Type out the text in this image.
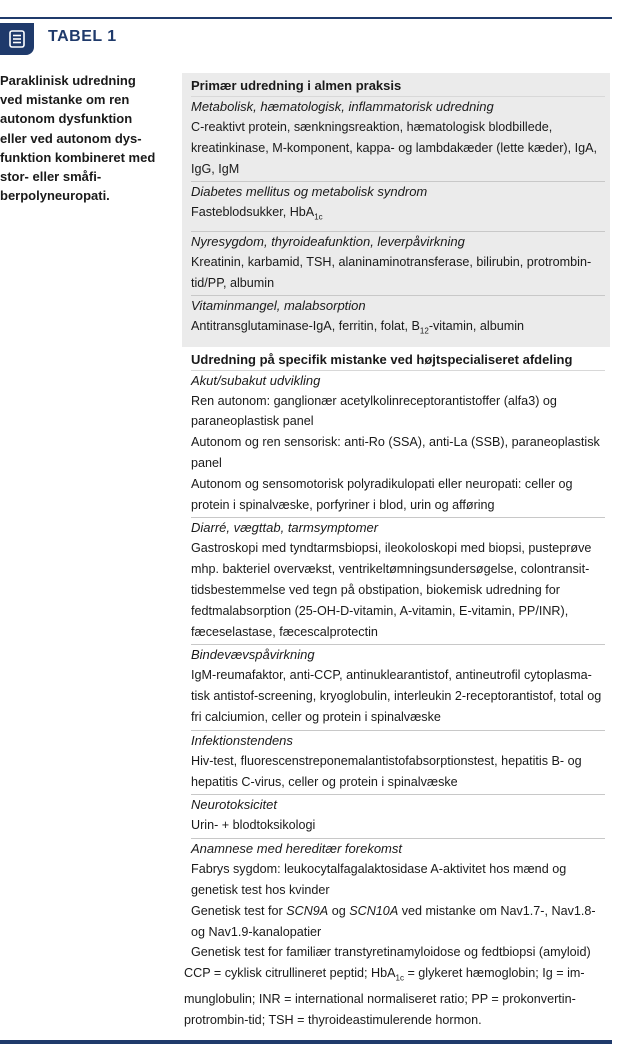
TABEL 1
Paraklinisk udredning ved mistanke om ren autonom dysfunktion eller ved autonom dysfunktion kombineret med stor- eller småfiberpolyneuropati.
Primær udredning i almen praksis
Metabolisk, hæmatologisk, inflammatorisk udredning
C-reaktivt protein, sænkningsreaktion, hæmatologisk blodbillede, kreatinkinase, M-komponent, kappa- og lambdakæder (lette kæder), IgA, IgG, IgM
Diabetes mellitus og metabolisk syndrom
Fasteblodsukker, HbA$_{1c}$
Nyresygdom, thyroideafunktion, leverpåvirkning
Kreatinin, karbamid, TSH, alaninaminotransferase, bilirubin, protrombintid/PP, albumin
Vitaminmangel, malabsorption
Antitransglutaminase-IgA, ferritin, folat, $B_{12}$-vitamin, albumin
Udredning på specifik mistanke ved højtspecialiseret afdeling
Akut/subakut udvikling
Ren autonom: ganglionær acetylkolinreceptorantistoffer (alfa3) og paraneoplastisk panel
Autonom og ren sensorisk: anti-Ro (SSA), anti-La (SSB), paraneoplastisk panel
Autonom og sensomotorisk polyradikulopati eller neuropati: celler og protein i spinalvæske, porfyriner i blod, urin og afføring
Diarré, vægttab, tarmsymptomer
Gastroskopi med tyndtarmsbiopsi, ileokoloskopi med biopsi, pusteprøve mhp. bakteriel overvækst, ventrikeltømningsundersøgelse, colontransittidsbestemmelse ved tegn på obstipation, biokemisk udredning for fedtmalabsorption (25-OH-D-vitamin, A-vitamin, E-vitamin, PP/INR), fæceselastase, fæcescalprotectin
Bindevævspåvirkning
IgM-reumafaktor, anti-CCP, antinuklearantistof, antineutrofil cytoplasmatisk antistof-screening, kryoglobulin, interleukin 2-receptorantistof, total og fri calciumion, celler og protein i spinalvæske
Infektionstendens
Hiv-test, fluorescenstreponemalantistofabsorptionstest, hepatitis B- og hepatitis C-virus, celler og protein i spinalvæske
Neurotoksicitet
Urin- + blodtoksikologi
Anamnese med hereditær forekomst
Fabrys sygdom: leukocytalfagalaktosidase A-aktivitet hos mænd og genetisk test hos kvinder
Genetisk test for SCN9A og SCN10A ved mistanke om Nav1.7-, Nav1.8- og Nav1.9-kanalopatier
Genetisk test for familiær transtyretinamyloidose og fedtbiopsi (amyloid)
CCP = cyklisk citrullineret peptid; HbA$_{1c}$ = glykeret hæmoglobin; Ig = immunglobulin; INR = international normaliseret ratio; PP = prokonvertin-protrombin-tid; TSH = thyroideastimulerende hormon.
